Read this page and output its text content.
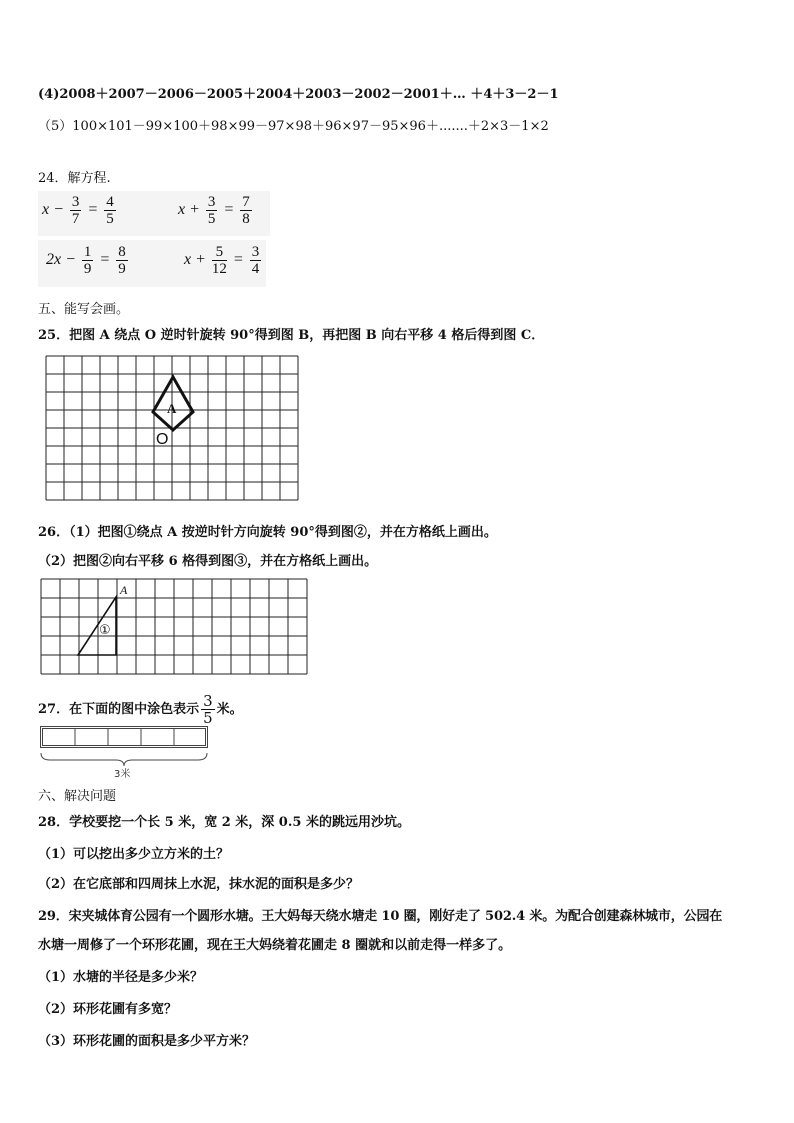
(4)2008＋2007－2006－2005＋2004＋2003－2002－2001＋… ＋4＋3－2－1
（5）100×101－99×100＋98×99－97×98＋96×97－95×96＋.......＋2×3－1×2
24．解方程.
$x - \frac{3}{7} = \frac{4}{5}$	$x + \frac{3}{5} = \frac{7}{8}$
$2x - \frac{1}{9} = \frac{8}{9}$	$x + \frac{5}{12} = \frac{3}{4}$
五、能写会画。
25．把图 A 绕点 O 逆时针旋转 90°得到图 B，再把图 B 向右平移 4 格后得到图 C．
A
O
26．（1）把图①绕点 A 按逆时针方向旋转 90°得到图②，并在方格纸上画出。
（2）把图②向右平移 6 格得到图③，并在方格纸上画出。
A
①
27．在下面的图中涂色表示 $\frac{3}{5}$ 米。
3米
六、解决问题
28．学校要挖一个长 5 米，宽 2 米，深 0.5 米的跳远用沙坑。
（1）可以挖出多少立方米的土？
（2）在它底部和四周抹上水泥，抹水泥的面积是多少？
29．宋夹城体育公园有一个圆形水塘。王大妈每天绕水塘走 10 圈，刚好走了 502.4 米。为配合创建森林城市，公园在
水塘一周修了一个环形花圃，现在王大妈绕着花圃走 8 圈就和以前走得一样多了。
（1）水塘的半径是多少米？
（2）环形花圃有多宽？
（3）环形花圃的面积是多少平方米？
